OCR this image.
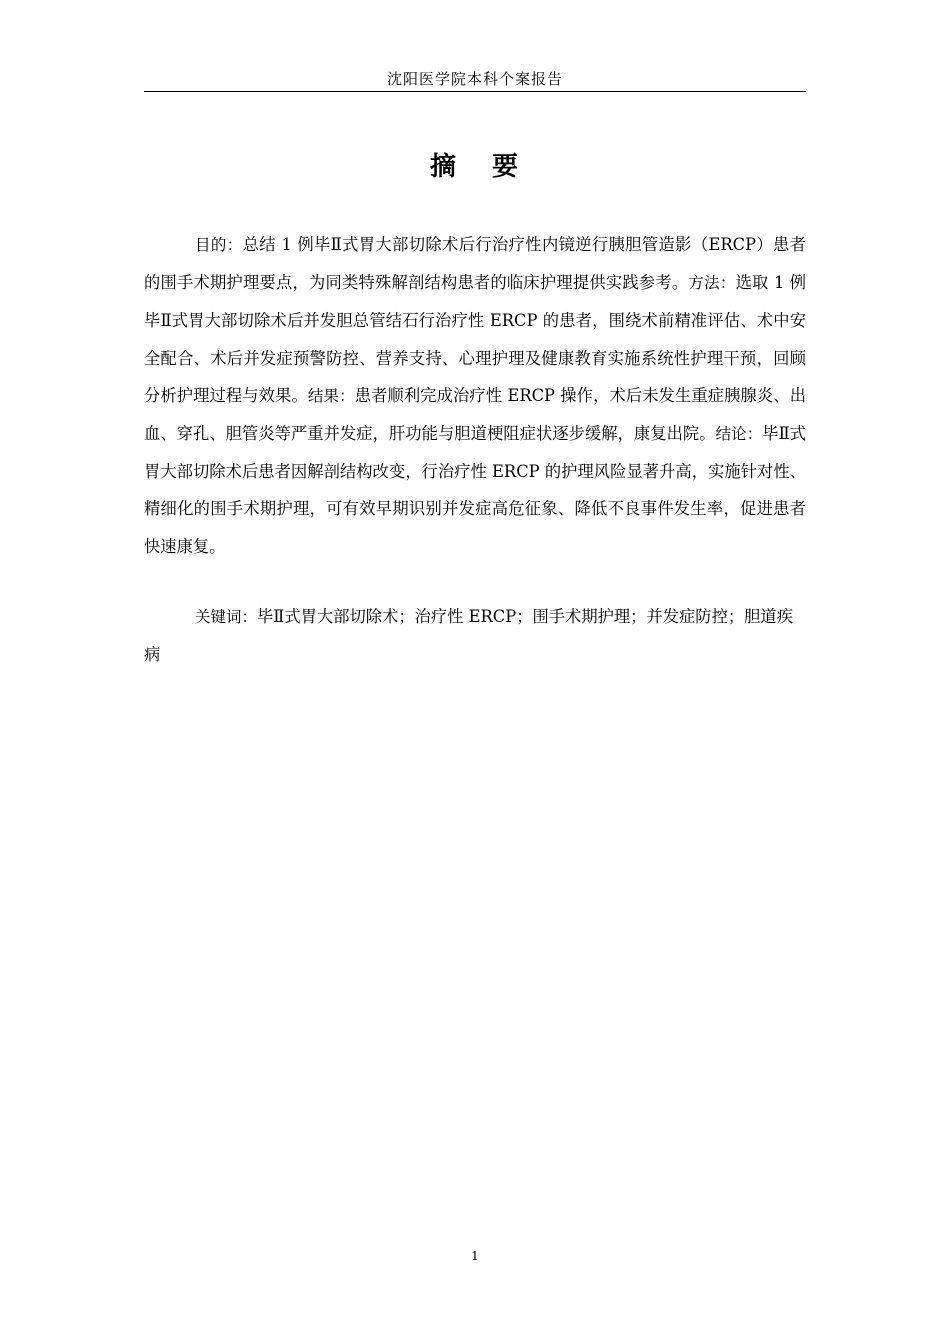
沈阳医学院本科个案报告
摘 要

目的：总结 1 例毕Ⅱ式胃大部切除术后行治疗性内镜逆行胰胆管造影（ERCP）患者的围手术期护理要点，为同类特殊解剖结构患者的临床护理提供实践参考。方法：选取 1 例毕Ⅱ式胃大部切除术后并发胆总管结石行治疗性 ERCP 的患者，围绕术前精准评估、术中安全配合、术后并发症预警防控、营养支持、心理护理及健康教育实施系统性护理干预，回顾分析护理过程与效果。结果：患者顺利完成治疗性 ERCP 操作，术后未发生重症胰腺炎、出血、穿孔、胆管炎等严重并发症，肝功能与胆道梗阻症状逐步缓解，康复出院。结论：毕Ⅱ式胃大部切除术后患者因解剖结构改变，行治疗性 ERCP 的护理风险显著升高，实施针对性、精细化的围手术期护理，可有效早期识别并发症高危征象、降低不良事件发生率，促进患者快速康复。

关键词：毕Ⅱ式胃大部切除术；治疗性 ERCP；围手术期护理；并发症防控；胆道疾病

1
